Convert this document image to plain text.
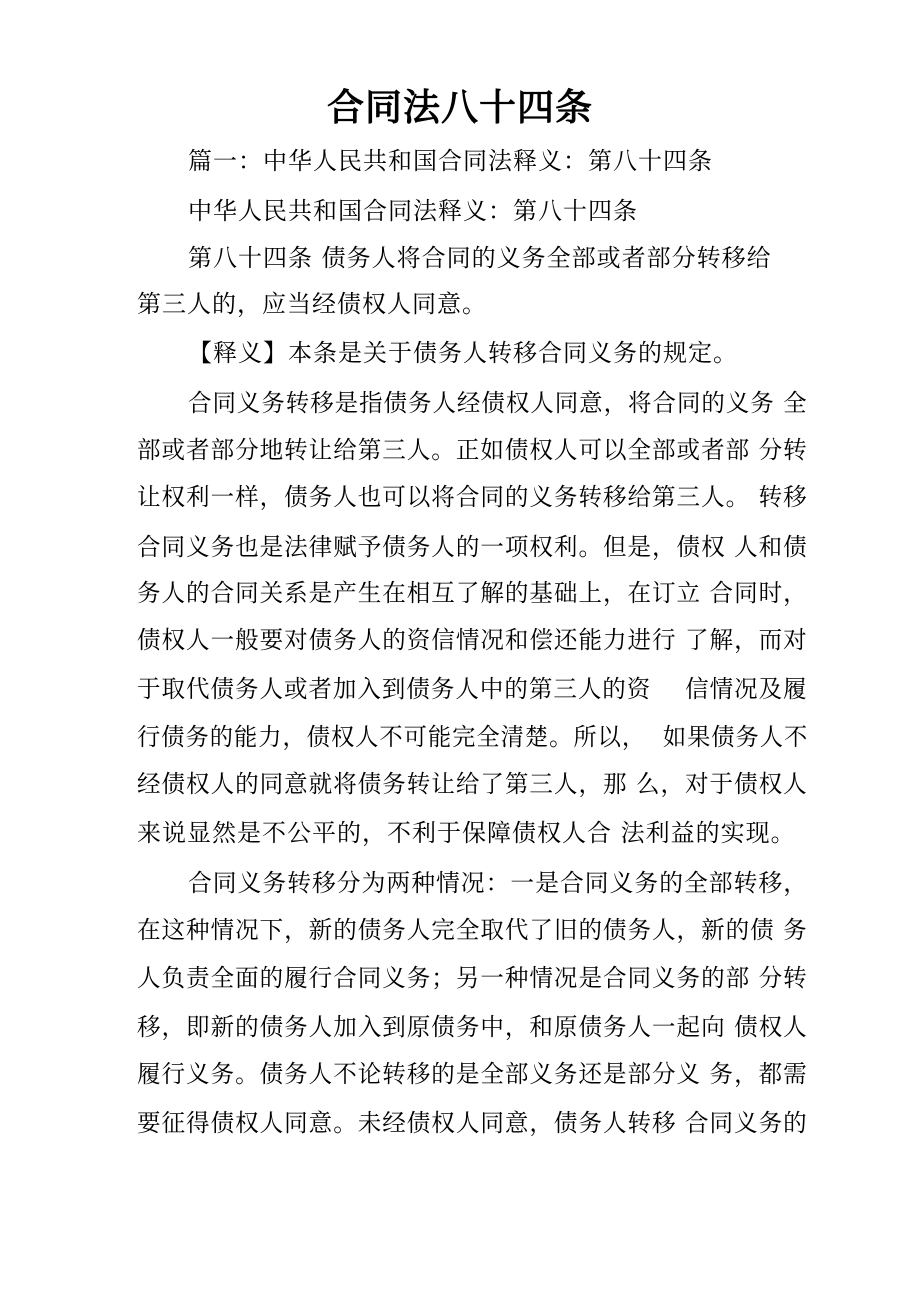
合同法八十四条
篇一：中华人民共和国合同法释义：第八十四条
中华人民共和国合同法释义：第八十四条
第八十四条 债务人将合同的义务全部或者部分转移给
第三人的，应当经债权人同意。
【释义】本条是关于债务人转移合同义务的规定。
合同义务转移是指债务人经债权人同意，将合同的义务 全
部或者部分地转让给第三人。正如债权人可以全部或者部 分转
让权利一样，债务人也可以将合同的义务转移给第三人。 转移
合同义务也是法律赋予债务人的一项权利。但是，债权 人和债
务人的合同关系是产生在相互了解的基础上，在订立 合同时，
债权人一般要对债务人的资信情况和偿还能力进行 了解，而对
于取代债务人或者加入到债务人中的第三人的资    信情况及履
行债务的能力，债权人不可能完全清楚。所以，  如果债务人不
经债权人的同意就将债务转让给了第三人，那 么，对于债权人
来说显然是不公平的，不利于保障债权人合 法利益的实现。
合同义务转移分为两种情况：一是合同义务的全部转移，
在这种情况下，新的债务人完全取代了旧的债务人，新的债 务
人负责全面的履行合同义务；另一种情况是合同义务的部 分转
移，即新的债务人加入到原债务中，和原债务人一起向 债权人
履行义务。债务人不论转移的是全部义务还是部分义 务，都需
要征得债权人同意。未经债权人同意，债务人转移 合同义务的
